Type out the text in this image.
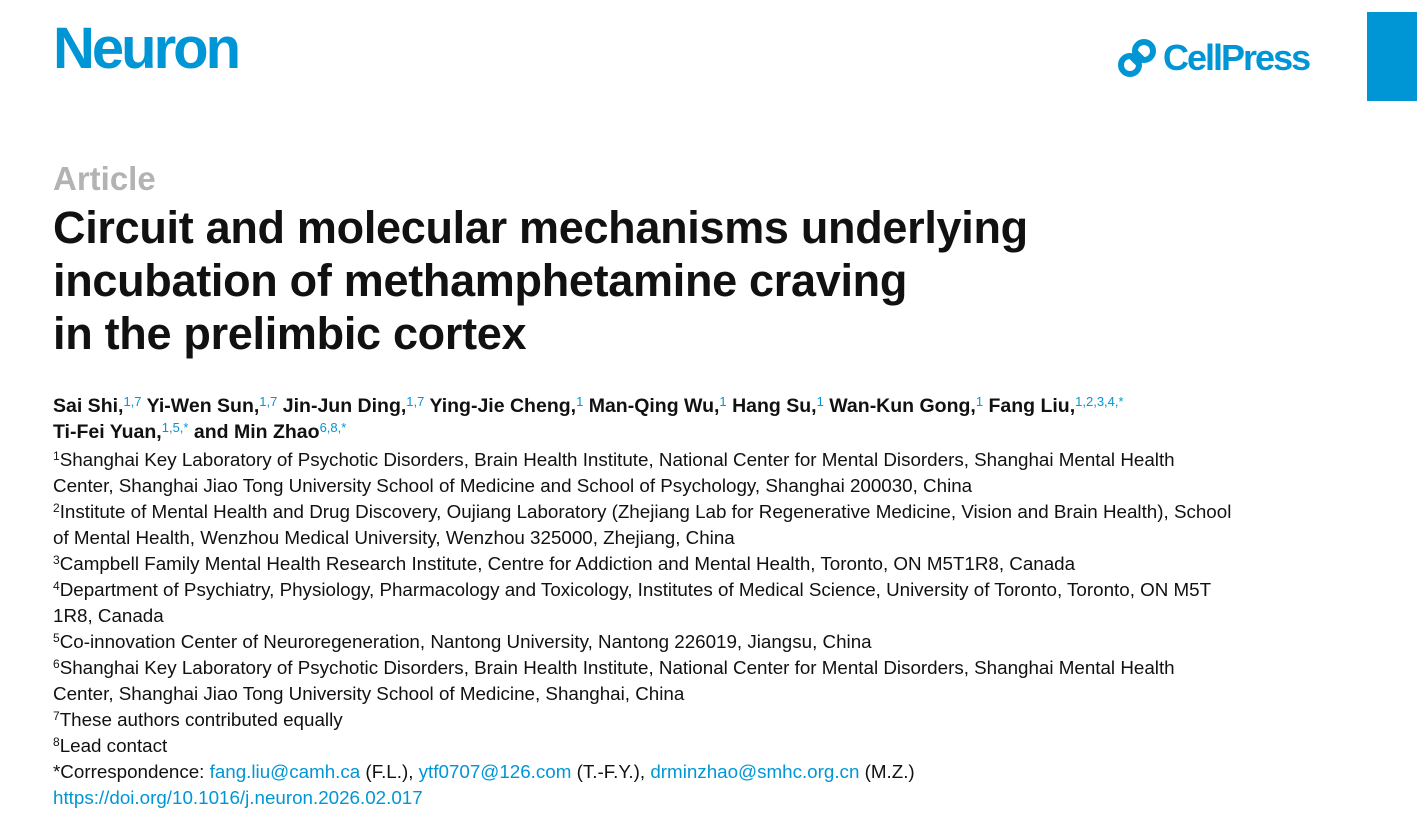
Neuron	CellPress
Article
Circuit and molecular mechanisms underlying
incubation of methamphetamine craving
in the prelimbic cortex
Sai Shi,$^{1,7}$ Yi-Wen Sun,$^{1,7}$ Jin-Jun Ding,$^{1,7}$ Ying-Jie Cheng,$^1$ Man-Qing Wu,$^1$ Hang Su,$^1$ Wan-Kun Gong,$^1$ Fang Liu,$^{1,2,3,4,*}$
Ti-Fei Yuan,$^{1,5,*}$ and Min Zhao$^{6,8,*}$
$^1$Shanghai Key Laboratory of Psychotic Disorders, Brain Health Institute, National Center for Mental Disorders, Shanghai Mental Health
Center, Shanghai Jiao Tong University School of Medicine and School of Psychology, Shanghai 200030, China
$^2$Institute of Mental Health and Drug Discovery, Oujiang Laboratory (Zhejiang Lab for Regenerative Medicine, Vision and Brain Health), School
of Mental Health, Wenzhou Medical University, Wenzhou 325000, Zhejiang, China
$^3$Campbell Family Mental Health Research Institute, Centre for Addiction and Mental Health, Toronto, ON M5T1R8, Canada
$^4$Department of Psychiatry, Physiology, Pharmacology and Toxicology, Institutes of Medical Science, University of Toronto, Toronto, ON M5T
1R8, Canada
$^5$Co-innovation Center of Neuroregeneration, Nantong University, Nantong 226019, Jiangsu, China
$^6$Shanghai Key Laboratory of Psychotic Disorders, Brain Health Institute, National Center for Mental Disorders, Shanghai Mental Health
Center, Shanghai Jiao Tong University School of Medicine, Shanghai, China
$^7$These authors contributed equally
$^8$Lead contact
*Correspondence: fang.liu@camh.ca (F.L.), ytf0707@126.com (T.-F.Y.), drminzhao@smhc.org.cn (M.Z.)
https://doi.org/10.1016/j.neuron.2026.02.017
